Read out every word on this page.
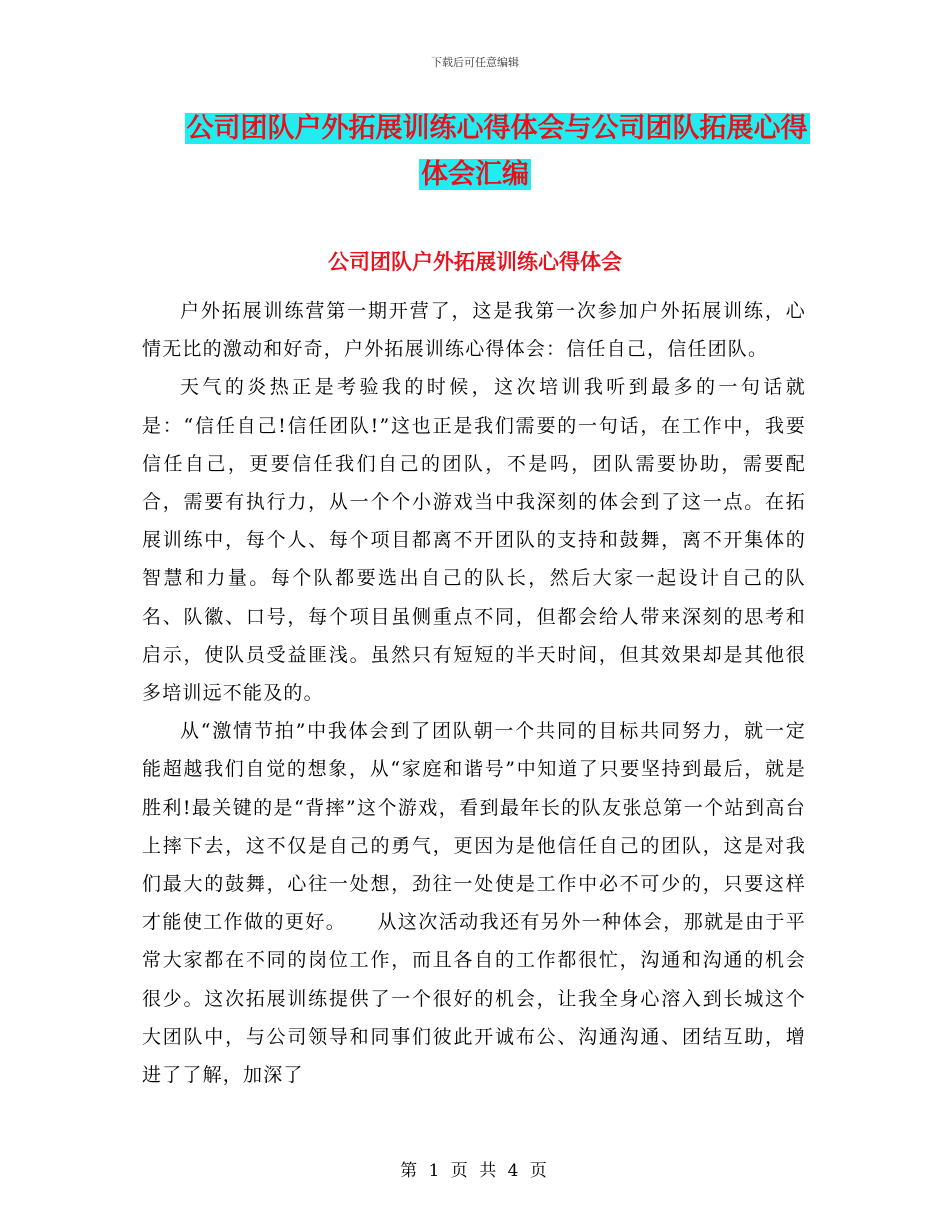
下载后可任意编辑
公司团队户外拓展训练心得体会与公司团队拓展心得
体会汇编
公司团队户外拓展训练心得体会

户外拓展训练营第一期开营了，这是我第一次参加户外拓展训练，心情无比的激动和好奇，户外拓展训练心得体会：信任自己，信任团队。

天气的炎热正是考验我的时候，这次培训我听到最多的一句话就是：“信任自己!信任团队!”这也正是我们需要的一句话，在工作中，我要信任自己，更要信任我们自己的团队，不是吗，团队需要协助，需要配合，需要有执行力，从一个个小游戏当中我深刻的体会到了这一点。在拓展训练中，每个人、每个项目都离不开团队的支持和鼓舞，离不开集体的智慧和力量。每个队都要选出自己的队长，然后大家一起设计自己的队名、队徽、口号，每个项目虽侧重点不同，但都会给人带来深刻的思考和启示，使队员受益匪浅。虽然只有短短的半天时间，但其效果却是其他很多培训远不能及的。

从“激情节拍”中我体会到了团队朝一个共同的目标共同努力，就一定能超越我们自觉的想象，从“家庭和谐号”中知道了只要坚持到最后，就是胜利!最关键的是“背摔”这个游戏，看到最年长的队友张总第一个站到高台上摔下去，这不仅是自己的勇气，更因为是他信任自己的团队，这是对我们最大的鼓舞，心往一处想，劲往一处使是工作中必不可少的，只要这样才能使工作做的更好。　　从这次活动我还有另外一种体会，那就是由于平常大家都在不同的岗位工作，而且各自的工作都很忙，沟通和沟通的机会很少。这次拓展训练提供了一个很好的机会，让我全身心溶入到长城这个大团队中，与公司领导和同事们彼此开诚布公、沟通沟通、团结互助，增进了了解，加深了

第 1 页 共 4 页
